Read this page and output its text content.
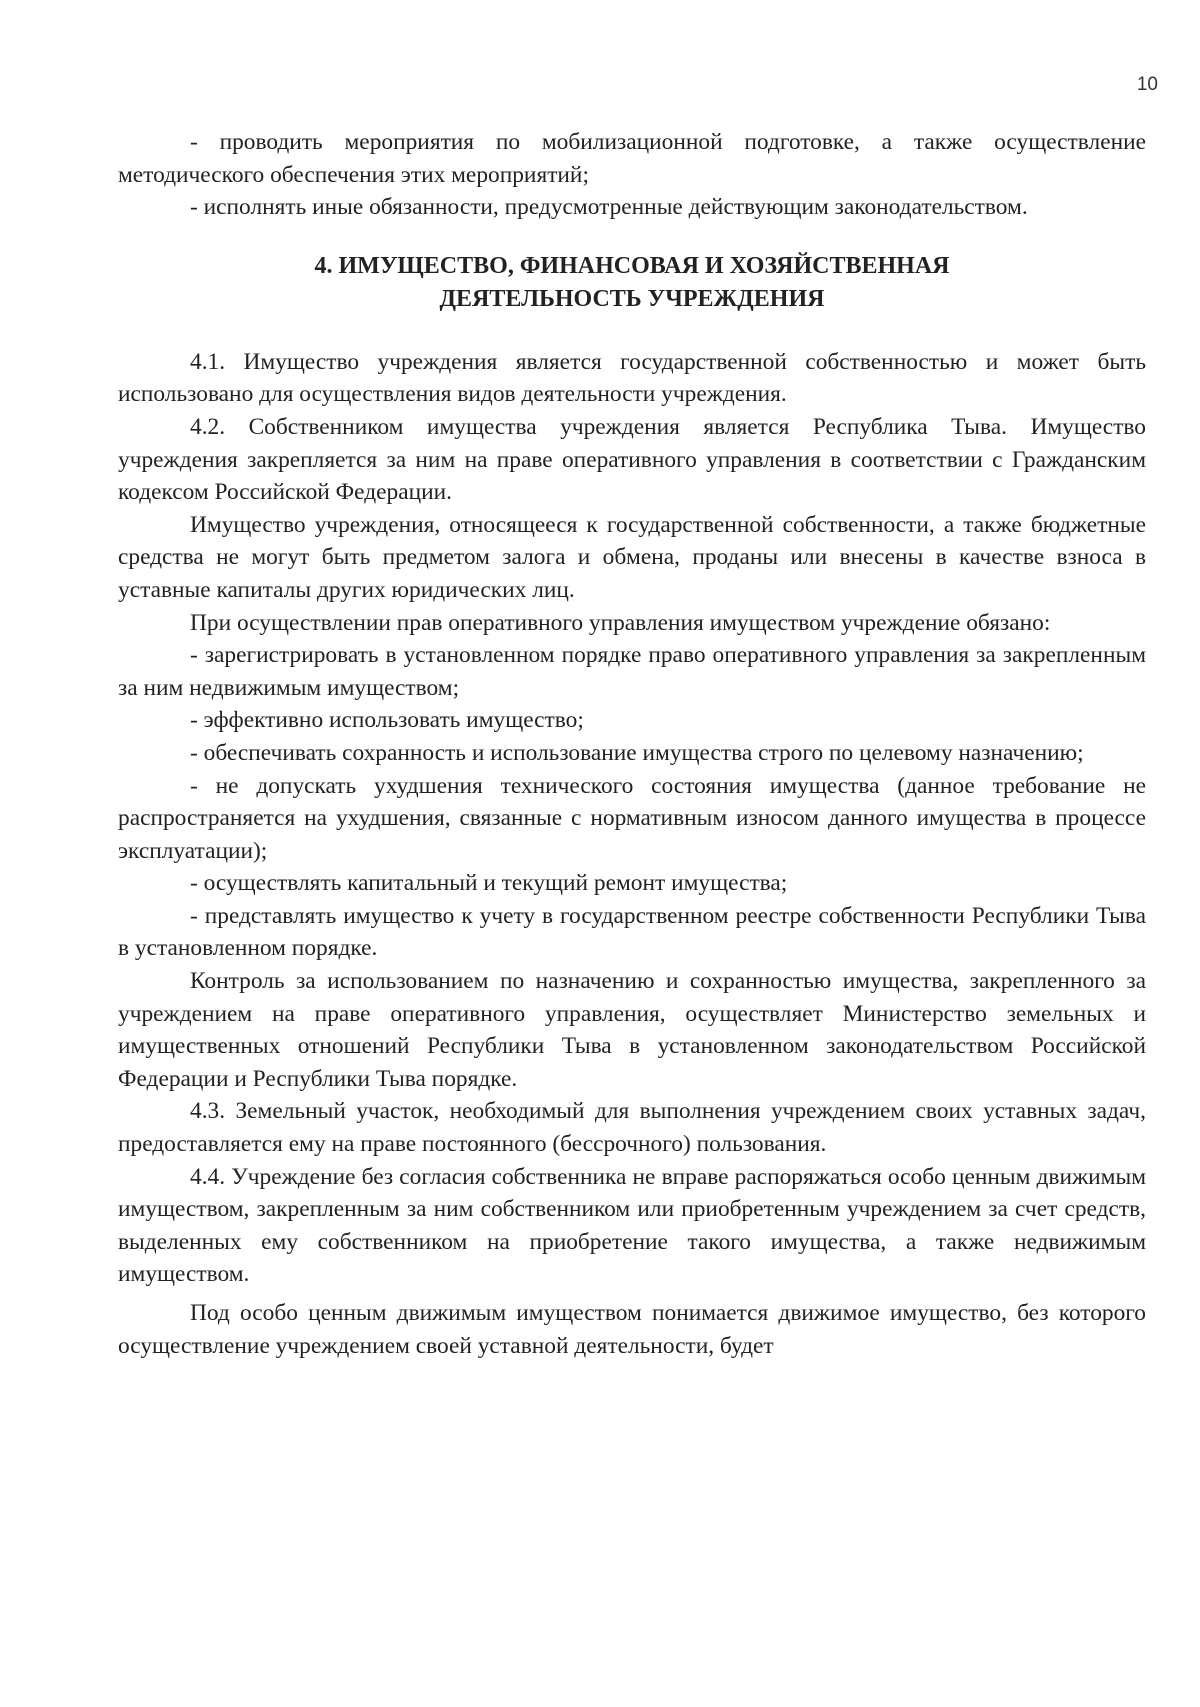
10

- проводить мероприятия по мобилизационной подготовке, а также осуществление методического обеспечения этих мероприятий;

- исполнять иные обязанности, предусмотренные действующим законодательством.

4. ИМУЩЕСТВО, ФИНАНСОВАЯ И ХОЗЯЙСТВЕННАЯ
ДЕЯТЕЛЬНОСТЬ УЧРЕЖДЕНИЯ

4.1. Имущество учреждения является государственной собственностью и может быть использовано для осуществления видов деятельности учреждения.

4.2. Собственником имущества учреждения является Республика Тыва. Имущество учреждения закрепляется за ним на праве оперативного управления в соответствии с Гражданским кодексом Российской Федерации.

Имущество учреждения, относящееся к государственной собственности, а также бюджетные средства не могут быть предметом залога и обмена, проданы или внесены в качестве взноса в уставные капиталы других юридических лиц.

При осуществлении прав оперативного управления имуществом учреждение обязано:

- зарегистрировать в установленном порядке право оперативного управления за закрепленным за ним недвижимым имуществом;

- эффективно использовать имущество;

- обеспечивать сохранность и использование имущества строго по целевому назначению;

- не допускать ухудшения технического состояния имущества (данное требование не распространяется на ухудшения, связанные с нормативным износом данного имущества в процессе эксплуатации);

- осуществлять капитальный и текущий ремонт имущества;

- представлять имущество к учету в государственном реестре собственности Республики Тыва в установленном порядке.

Контроль за использованием по назначению и сохранностью имущества, закрепленного за учреждением на праве оперативного управления, осуществляет Министерство земельных и имущественных отношений Республики Тыва в установленном законодательством Российской Федерации и Республики Тыва порядке.

4.3. Земельный участок, необходимый для выполнения учреждением своих уставных задач, предоставляется ему на праве постоянного (бессрочного) пользования.

4.4. Учреждение без согласия собственника не вправе распоряжаться особо ценным движимым имуществом, закрепленным за ним собственником или приобретенным учреждением за счет средств, выделенных ему собственником на приобретение такого имущества, а также недвижимым имуществом.

Под особо ценным движимым имуществом понимается движимое имущество, без которого осуществление учреждением своей уставной деятельности, будет
